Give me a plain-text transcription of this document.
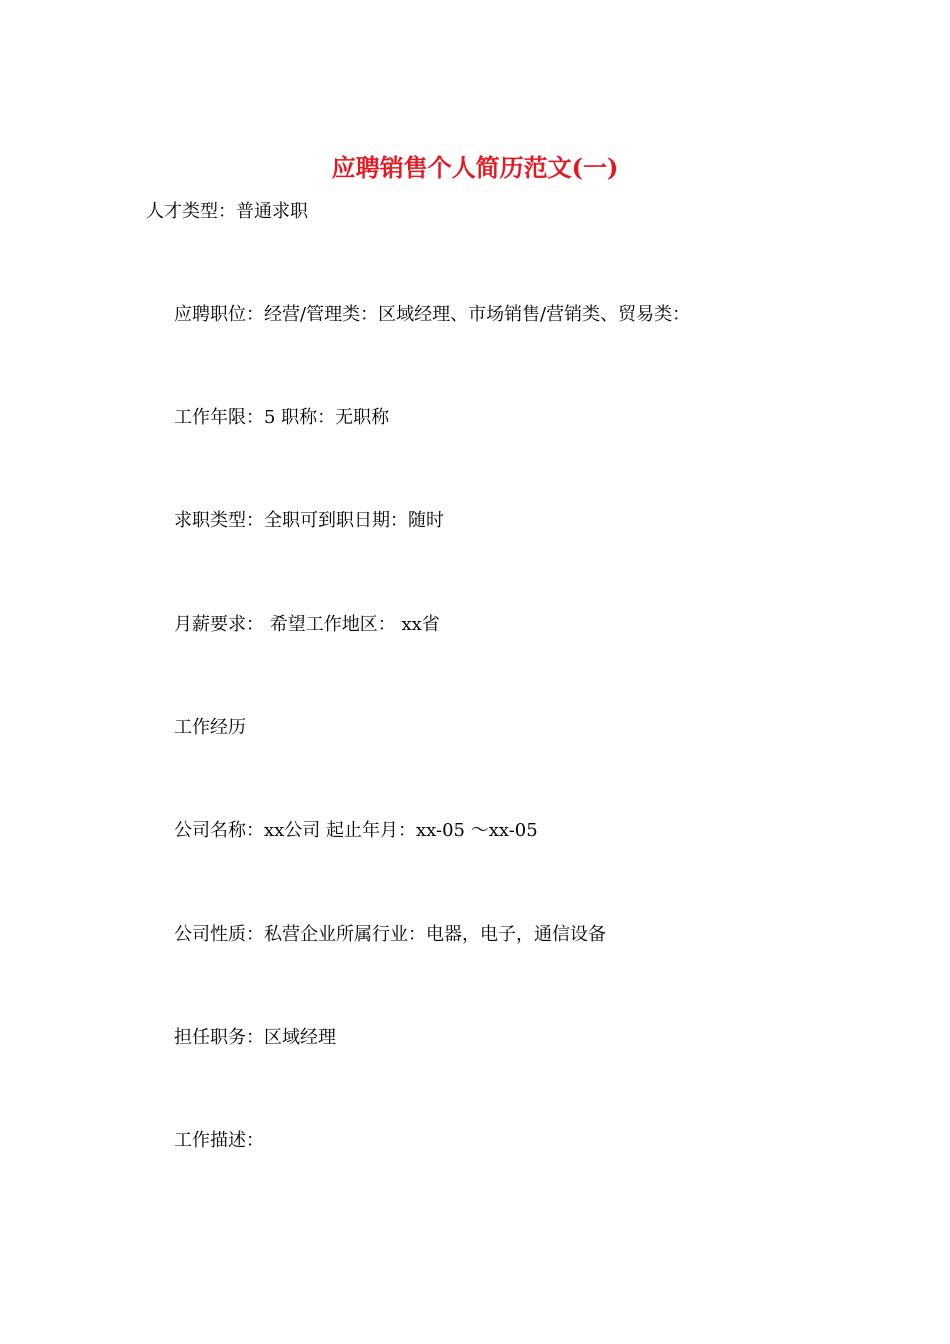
应聘销售个人简历范文(一)
人才类型：普通求职
应聘职位：经营/管理类：区域经理、市场销售/营销类、贸易类：
工作年限：5 职称：无职称
求职类型：全职可到职日期：随时
月薪要求： 希望工作地区： xx省
工作经历
公司名称：xx公司 起止年月：xx-05 ～xx-05
公司性质：私营企业所属行业：电器，电子，通信设备
担任职务：区域经理
工作描述：
